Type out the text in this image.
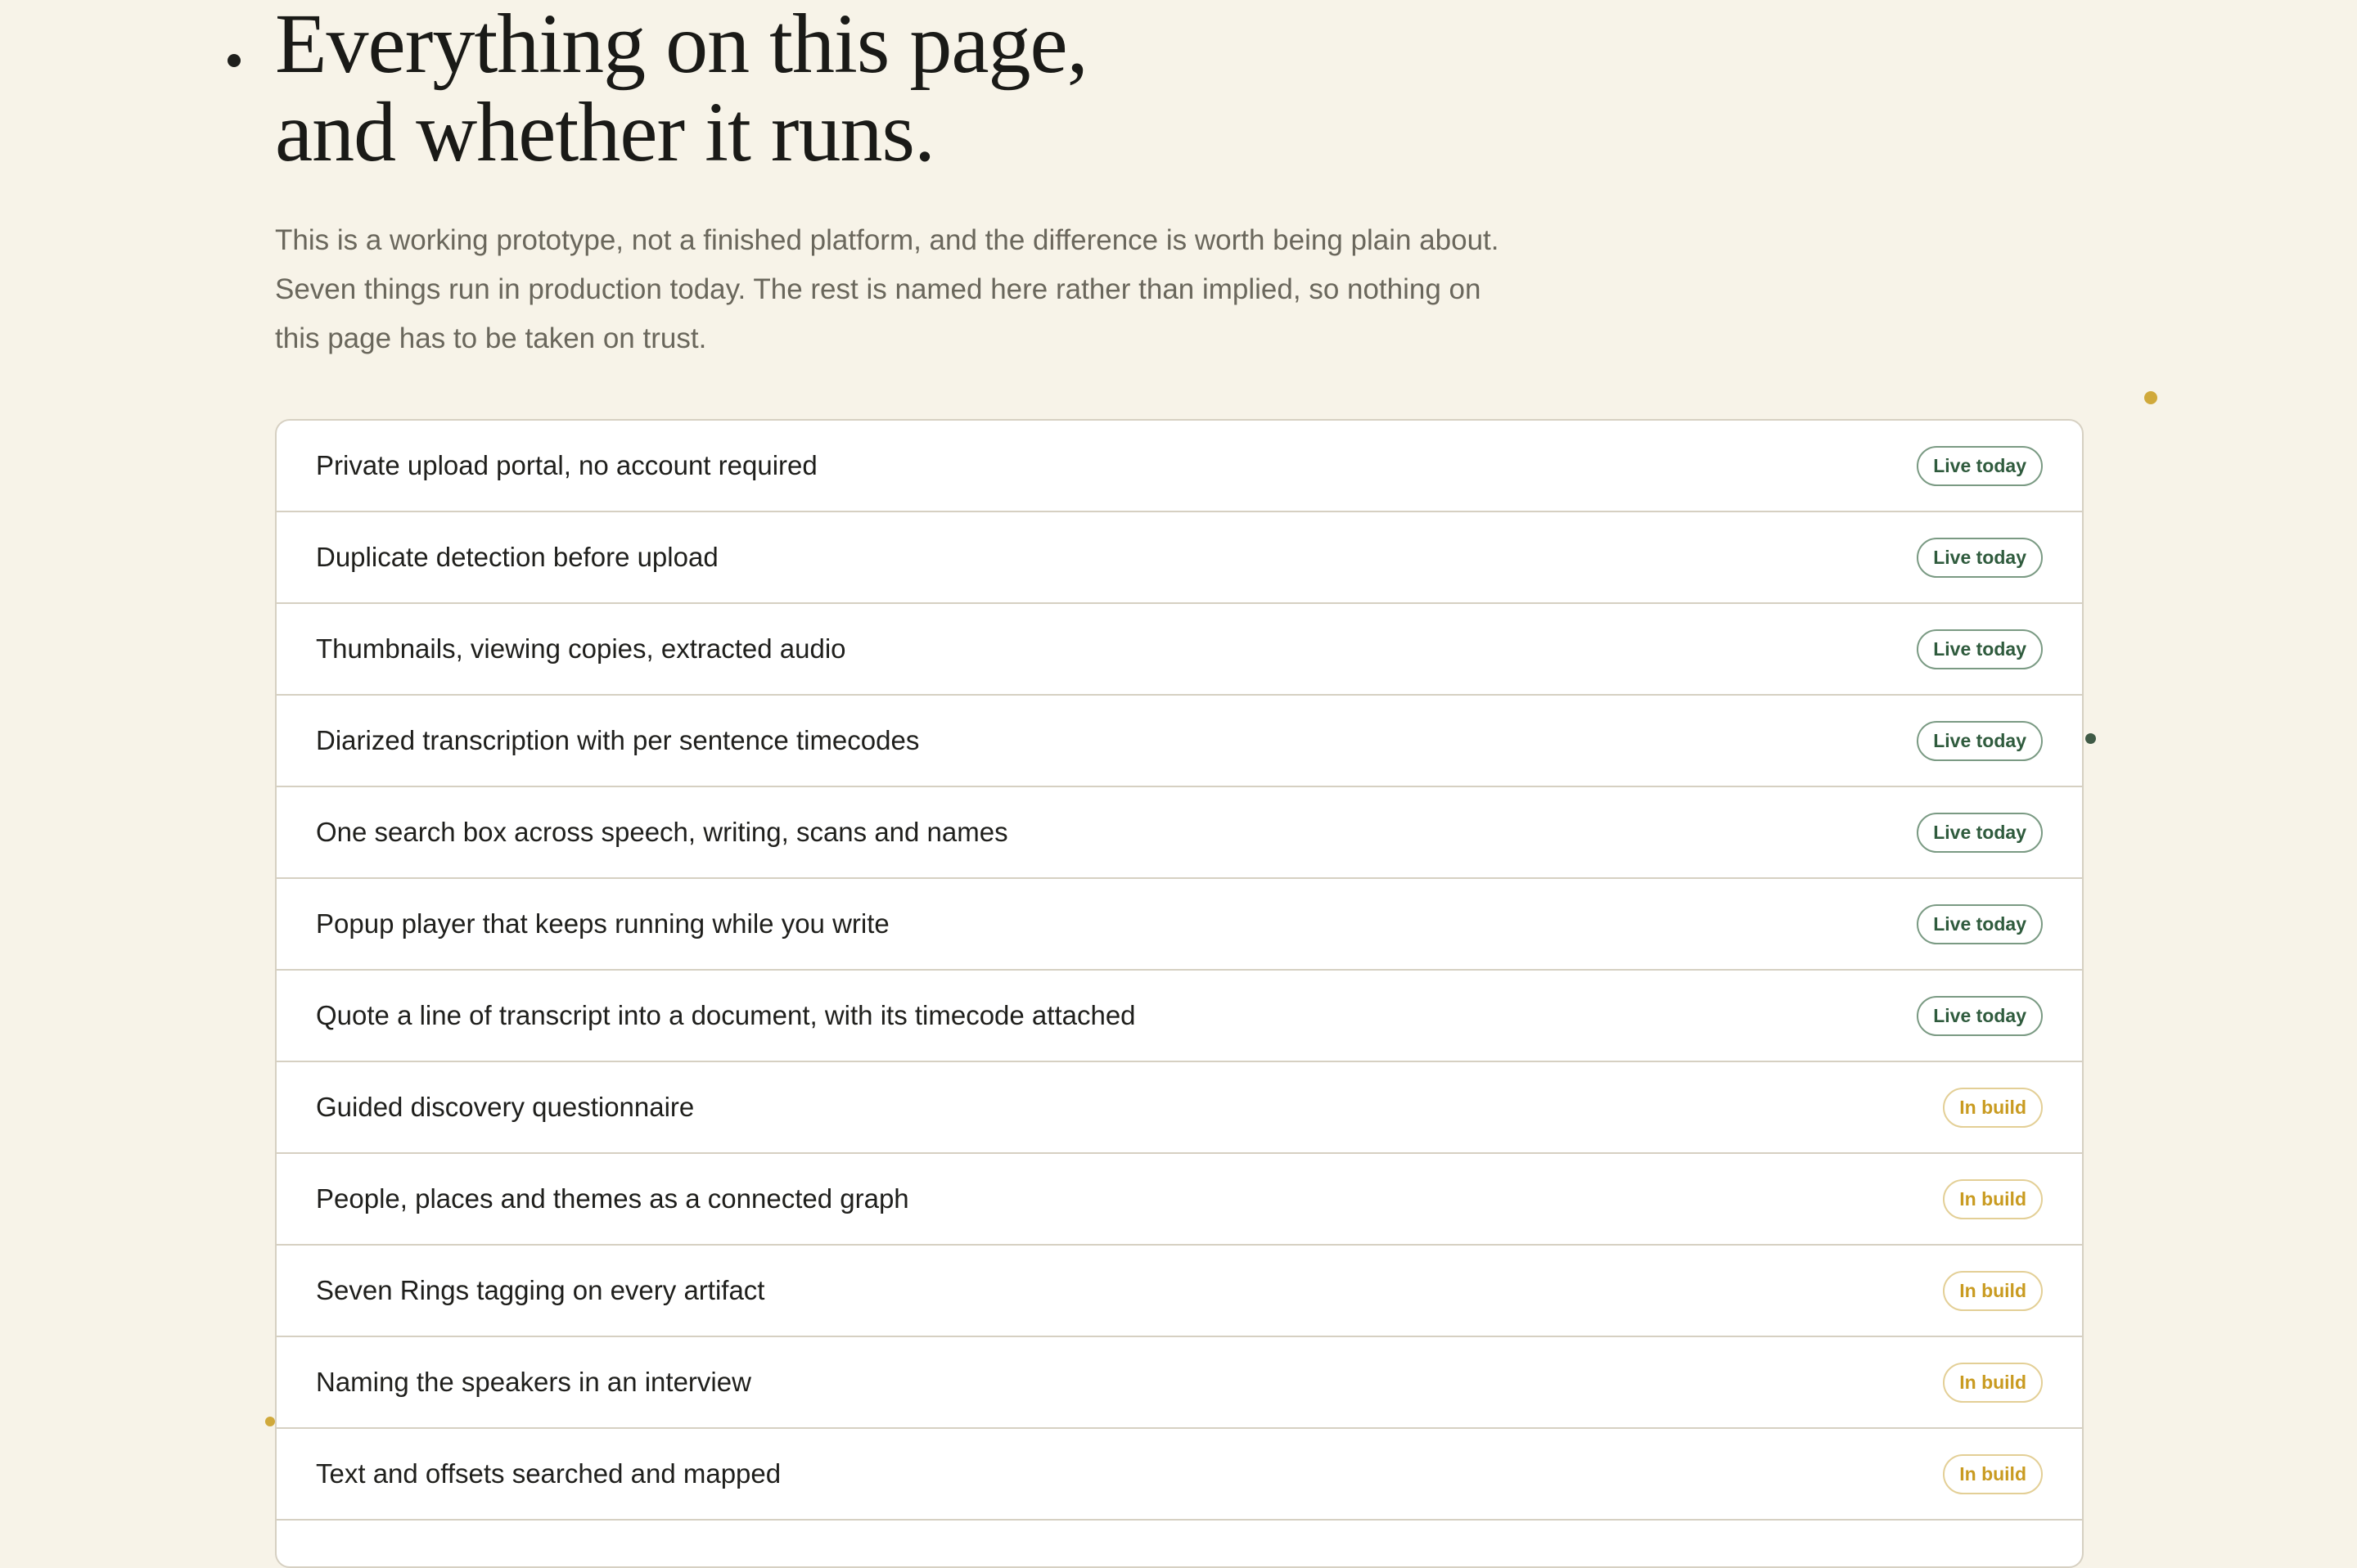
Everything on this page,
and whether it runs.

This is a working prototype, not a finished platform, and the difference is worth being plain about.
Seven things run in production today. The rest is named here rather than implied, so nothing on
this page has to be taken on trust.

Private upload portal, no account required	Live today
Duplicate detection before upload	Live today
Thumbnails, viewing copies, extracted audio	Live today
Diarized transcription with per sentence timecodes	Live today
One search box across speech, writing, scans and names	Live today
Popup player that keeps running while you write	Live today
Quote a line of transcript into a document, with its timecode attached	Live today
Guided discovery questionnaire	In build
People, places and themes as a connected graph	In build
Seven Rings tagging on every artifact	In build
Naming the speakers in an interview	In build
Text and offsets searched and mapped	In build
